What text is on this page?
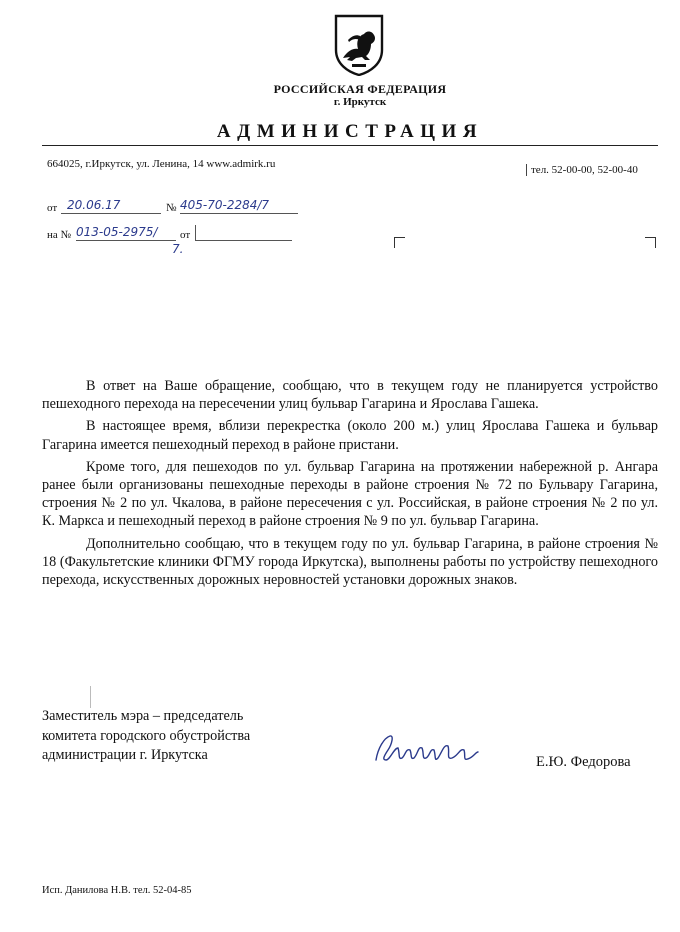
РОССИЙСКАЯ ФЕДЕРАЦИЯ
г. Иркутск
АДМИНИСТРАЦИЯ
664025, г.Иркутск, ул. Ленина, 14 www.admirk.ru	тел. 52-00-00, 52-00-40
от 20.06.17	№ 405-70-2284/7
на № 013-05-2975/
7.
от

В ответ на Ваше обращение, сообщаю, что в текущем году не планируется устройство пешеходного перехода на пересечении улиц бульвар Гагарина и Ярослава Гашека.

В настоящее время, вблизи перекрестка (около 200 м.) улиц Ярослава Гашека и бульвар Гагарина имеется пешеходный переход в районе пристани.

Кроме того, для пешеходов по ул. бульвар Гагарина на протяжении набережной р. Ангара ранее были организованы пешеходные переходы в районе строения № 72 по Бульвару Гагарина, строения № 2 по ул. Чкалова, в районе пересечения с ул. Российская, в районе строения № 2 по ул. К. Маркса и пешеходный переход в районе строения № 9 по ул. бульвар Гагарина.

Дополнительно сообщаю, что в текущем году по ул. бульвар Гагарина, в районе строения № 18 (Факультетские клиники ФГМУ города Иркутска), выполнены работы по устройству пешеходного перехода, искусственных дорожных неровностей установки дорожных знаков.

Заместитель мэра – председатель
комитета городского обустройства
администрации г. Иркутска	Е.Ю. Федорова
Исп. Данилова Н.В. тел. 52-04-85
